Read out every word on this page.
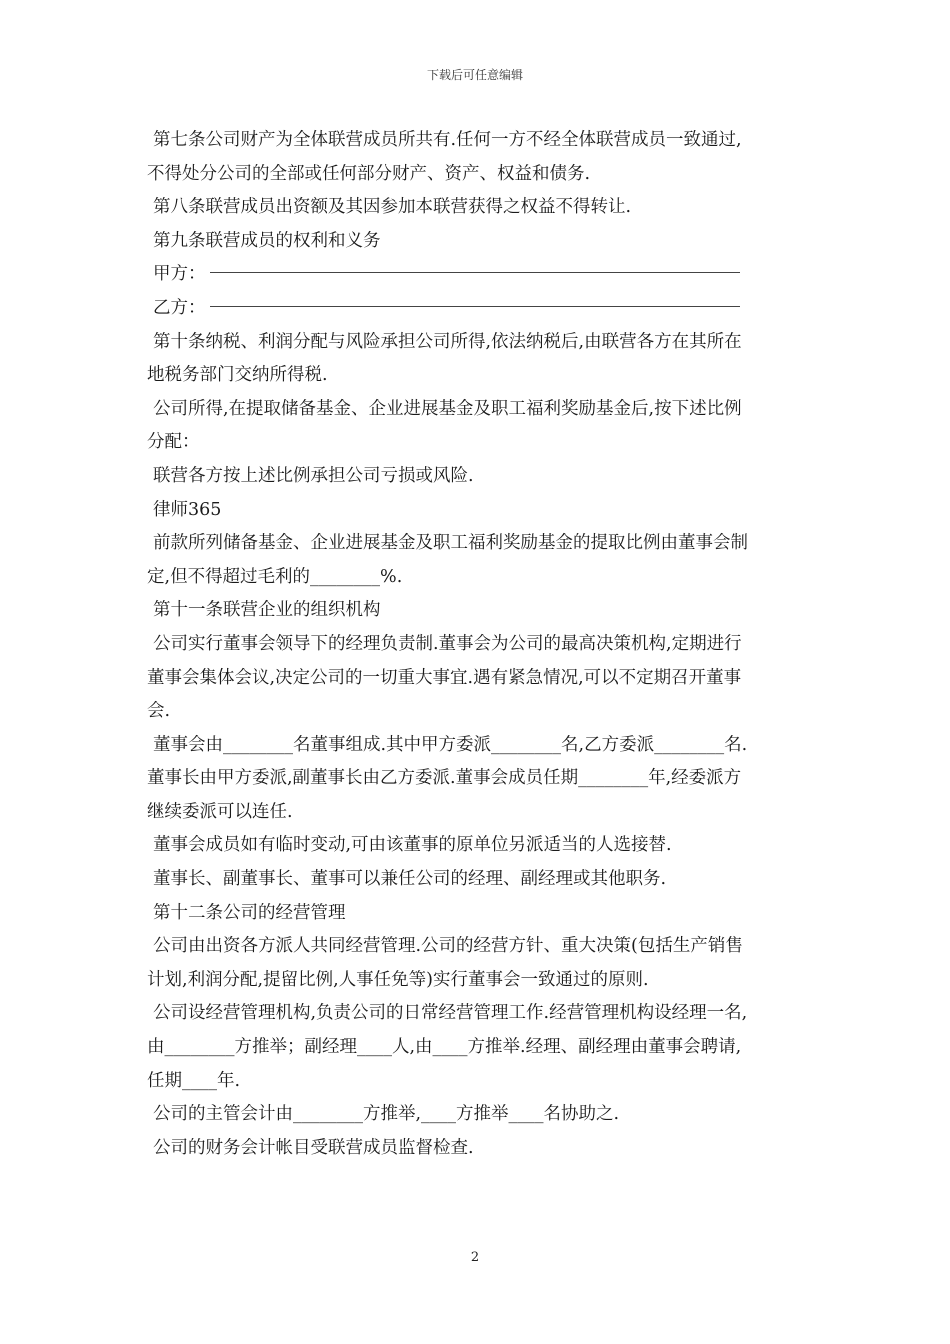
下载后可任意编辑
第七条公司财产为全体联营成员所共有.任何一方不经全体联营成员一致通过,
不得处分公司的全部或任何部分财产、资产、权益和债务.
第八条联营成员出资额及其因参加本联营获得之权益不得转让.
第九条联营成员的权利和义务
甲方：
乙方：
第十条纳税、利润分配与风险承担公司所得,依法纳税后,由联营各方在其所在
地税务部门交纳所得税.
公司所得,在提取储备基金、企业进展基金及职工福利奖励基金后,按下述比例
分配：
联营各方按上述比例承担公司亏损或风险.
律师365
前款所列储备基金、企业进展基金及职工福利奖励基金的提取比例由董事会制
定,但不得超过毛利的________%.
第十一条联营企业的组织机构
公司实行董事会领导下的经理负责制.董事会为公司的最高决策机构,定期进行
董事会集体会议,决定公司的一切重大事宜.遇有紧急情况,可以不定期召开董事
会.
董事会由________名董事组成.其中甲方委派________名,乙方委派________名.
董事长由甲方委派,副董事长由乙方委派.董事会成员任期________年,经委派方
继续委派可以连任.
董事会成员如有临时变动,可由该董事的原单位另派适当的人选接替.
董事长、副董事长、董事可以兼任公司的经理、副经理或其他职务.
第十二条公司的经营管理
公司由出资各方派人共同经营管理.公司的经营方针、重大决策(包括生产销售
计划,利润分配,提留比例,人事任免等)实行董事会一致通过的原则.
公司设经营管理机构,负责公司的日常经营管理工作.经营管理机构设经理一名,
由________方推举；副经理____人,由____方推举.经理、副经理由董事会聘请,
任期____年.
公司的主管会计由________方推举,____方推举____名协助之.
公司的财务会计帐目受联营成员监督检查.
2
